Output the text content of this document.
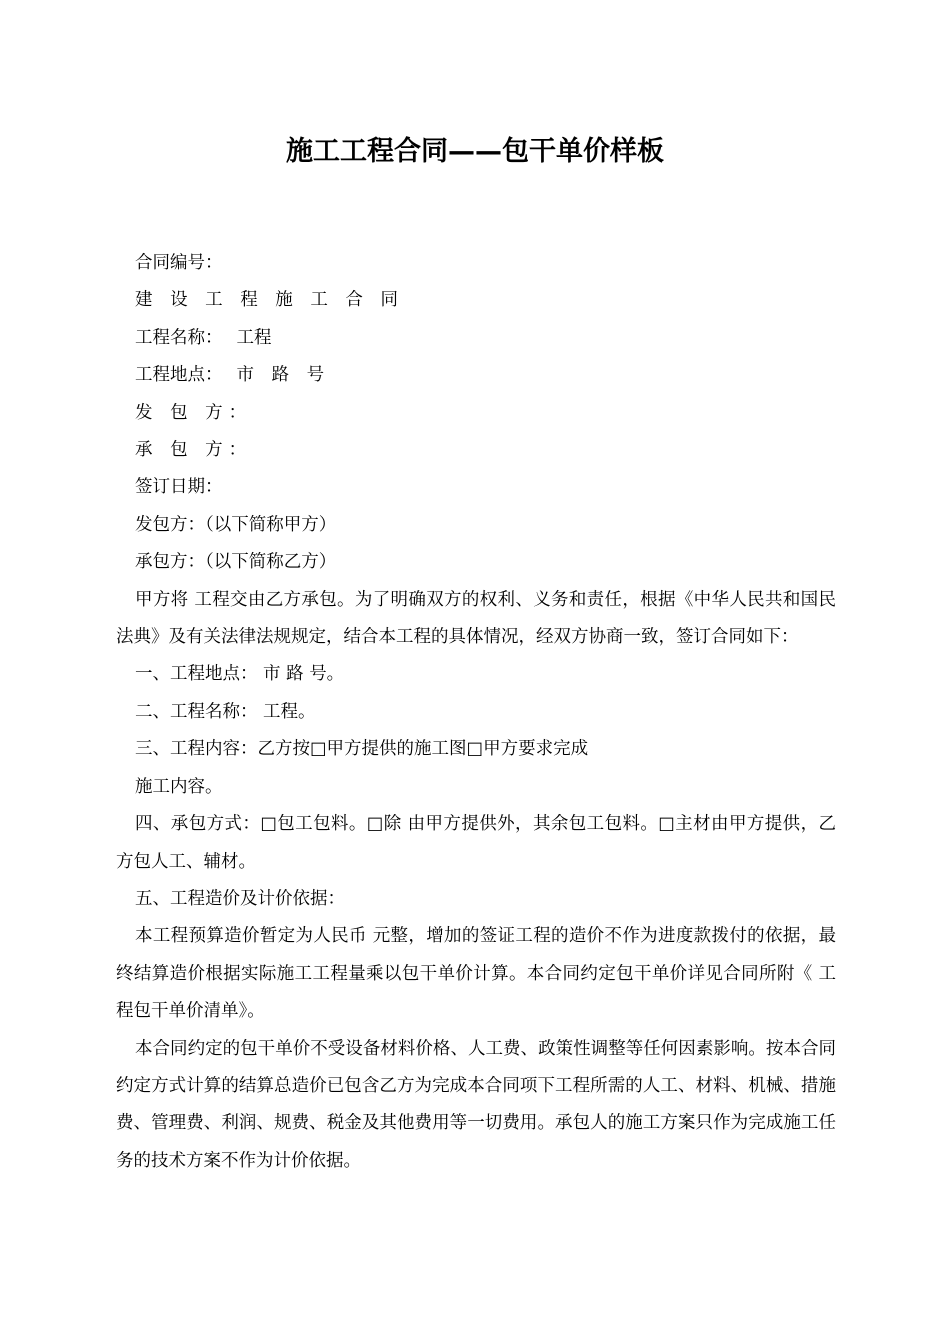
施工工程合同——包干单价样板

合同编号：

建 设 工 程 施 工 合 同

工程名称： 工程

工程地点： 市 路 号

发 包 方：

承 包 方：

签订日期：

发包方：（以下简称甲方）

承包方：（以下简称乙方）

甲方将 工程交由乙方承包。为了明确双方的权利、义务和责任，根据《中华人民共和国民法典》及有关法律法规规定，结合本工程的具体情况，经双方协商一致，签订合同如下：

一、工程地点： 市 路 号。

二、工程名称： 工程。

三、工程内容：乙方按□甲方提供的施工图□甲方要求完成

施工内容。

四、承包方式：□包工包料。□除 由甲方提供外，其余包工包料。□主材由甲方提供，乙方包人工、辅材。

五、工程造价及计价依据：

本工程预算造价暂定为人民币 元整，增加的签证工程的造价不作为进度款拨付的依据，最终结算造价根据实际施工工程量乘以包干单价计算。本合同约定包干单价详见合同所附《 工程包干单价清单》。

本合同约定的包干单价不受设备材料价格、人工费、政策性调整等任何因素影响。按本合同约定方式计算的结算总造价已包含乙方为完成本合同项下工程所需的人工、材料、机械、措施费、管理费、利润、规费、税金及其他费用等一切费用。承包人的施工方案只作为完成施工任务的技术方案不作为计价依据。
